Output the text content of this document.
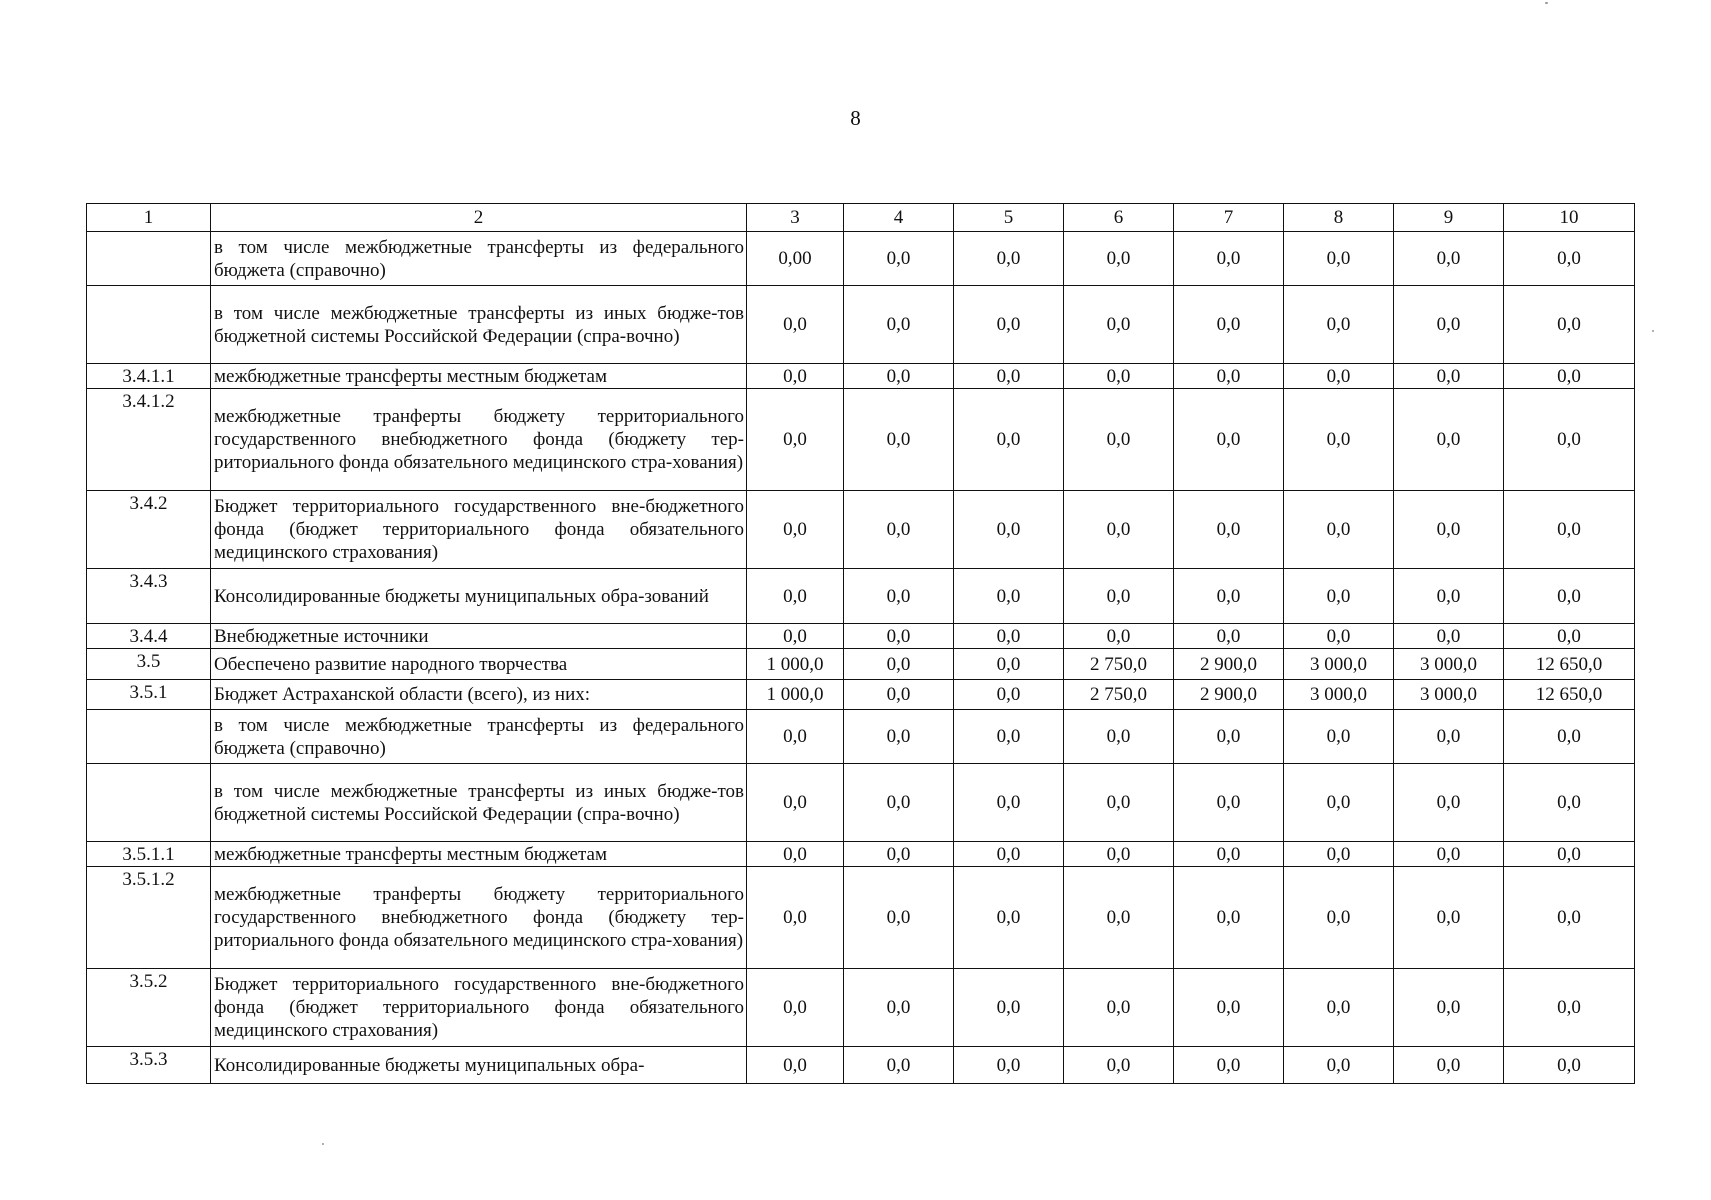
8
1	2	3	4	5	6	7	8	9	10
	в том числе межбюджетные трансферты из федерального бюджета (справочно)	0,00	0,0	0,0	0,0	0,0	0,0	0,0	0,0
	в том числе межбюджетные трансферты из иных бюдже-тов бюджетной системы Российской Федерации (спра-вочно)	0,0	0,0	0,0	0,0	0,0	0,0	0,0	0,0
3.4.1.1	межбюджетные трансферты местным бюджетам	0,0	0,0	0,0	0,0	0,0	0,0	0,0	0,0
3.4.1.2	межбюджетные транферты бюджету территориального государственного внебюджетного фонда (бюджету тер-риториального фонда обязательного медицинского стра-хования)	0,0	0,0	0,0	0,0	0,0	0,0	0,0	0,0
3.4.2	Бюджет территориального государственного вне-бюджетного фонда (бюджет территориального фонда обязательного медицинского страхования)	0,0	0,0	0,0	0,0	0,0	0,0	0,0	0,0
3.4.3	Консолидированные бюджеты муниципальных обра-зований	0,0	0,0	0,0	0,0	0,0	0,0	0,0	0,0
3.4.4	Внебюджетные источники	0,0	0,0	0,0	0,0	0,0	0,0	0,0	0,0
3.5	Обеспечено развитие народного творчества	1 000,0	0,0	0,0	2 750,0	2 900,0	3 000,0	3 000,0	12 650,0
3.5.1	Бюджет Астраханской области (всего), из них:	1 000,0	0,0	0,0	2 750,0	2 900,0	3 000,0	3 000,0	12 650,0
	в том числе межбюджетные трансферты из федерального бюджета (справочно)	0,0	0,0	0,0	0,0	0,0	0,0	0,0	0,0
	в том числе межбюджетные трансферты из иных бюдже-тов бюджетной системы Российской Федерации (спра-вочно)	0,0	0,0	0,0	0,0	0,0	0,0	0,0	0,0
3.5.1.1	межбюджетные трансферты местным бюджетам	0,0	0,0	0,0	0,0	0,0	0,0	0,0	0,0
3.5.1.2	межбюджетные транферты бюджету территориального государственного внебюджетного фонда (бюджету тер-риториального фонда обязательного медицинского стра-хования)	0,0	0,0	0,0	0,0	0,0	0,0	0,0	0,0
3.5.2	Бюджет территориального государственного вне-бюджетного фонда (бюджет территориального фонда обязательного медицинского страхования)	0,0	0,0	0,0	0,0	0,0	0,0	0,0	0,0
3.5.3	Консолидированные бюджеты муниципальных обра-	0,0	0,0	0,0	0,0	0,0	0,0	0,0	0,0
